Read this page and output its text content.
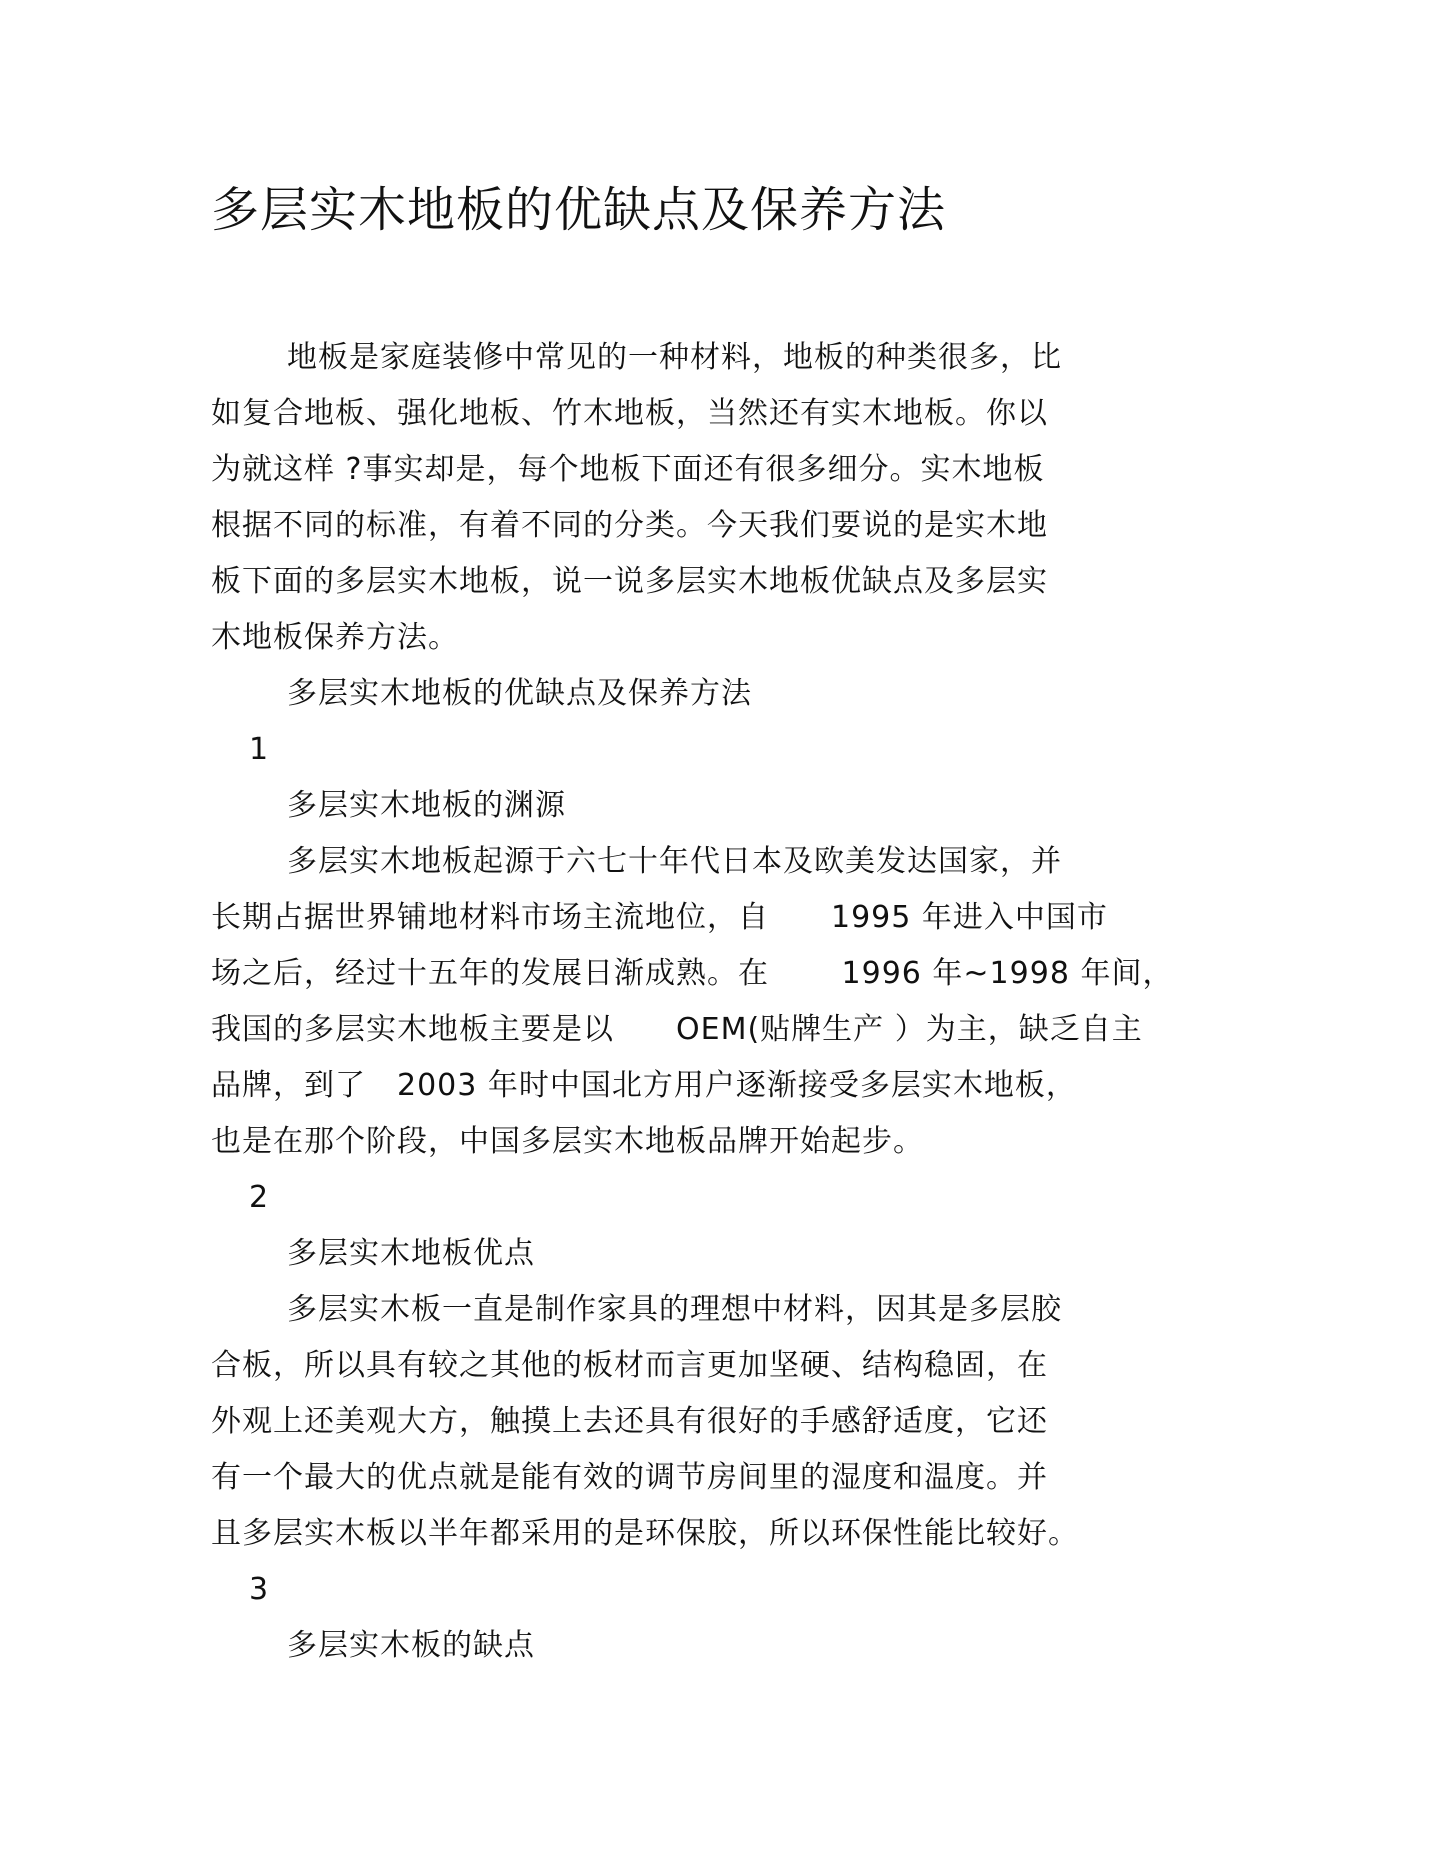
多层实木地板的优缺点及保养方法
地板是家庭装修中常见的一种材料，地板的种类很多，比
如复合地板、强化地板、竹木地板，当然还有实木地板。你以
为就这样 ?事实却是，每个地板下面还有很多细分。实木地板
根据不同的标准，有着不同的分类。今天我们要说的是实木地
板下面的多层实木地板，说一说多层实木地板优缺点及多层实
木地板保养方法。
多层实木地板的优缺点及保养方法
1
多层实木地板的渊源
多层实木地板起源于六七十年代日本及欧美发达国家，并
长期占据世界铺地材料市场主流地位，自　　1995 年进入中国市
场之后，经过十五年的发展日渐成熟。在　　 1996 年~1998 年间，
我国的多层实木地板主要是以　　OEM(贴牌生产 ）为主，缺乏自主
品牌，到了　2003 年时中国北方用户逐渐接受多层实木地板，
也是在那个阶段，中国多层实木地板品牌开始起步。
2
多层实木地板优点
多层实木板一直是制作家具的理想中材料，因其是多层胶
合板，所以具有较之其他的板材而言更加坚硬、结构稳固，在
外观上还美观大方，触摸上去还具有很好的手感舒适度，它还
有一个最大的优点就是能有效的调节房间里的湿度和温度。并
且多层实木板以半年都采用的是环保胶，所以环保性能比较好。
3
多层实木板的缺点
